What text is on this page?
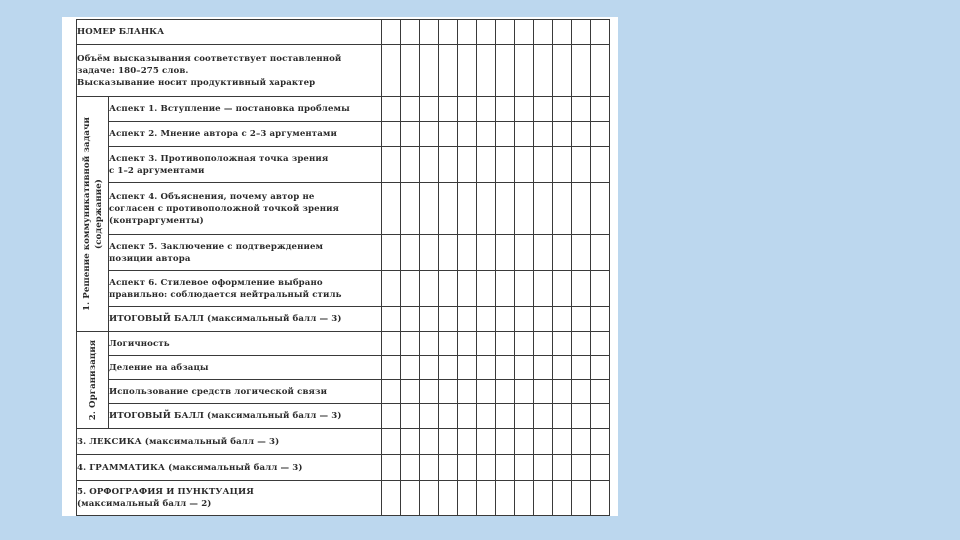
НОМЕР БЛАНКА													

Объём высказывания соответствует поставленной
задаче: 180–275 слов.
Высказывание носит продуктивный характер													

1. Решение коммуникативной задачи (содержание)	Аспект 1. Вступление — постановка проблемы												

	Аспект 2. Мнение автора с 2–3 аргументами												

	Аспект 3. Противоположная точка зрения
с 1–2 аргументами												

	Аспект 4. Объяснения, почему автор не
согласен с противоположной точкой зрения
(контраргументы)												

	Аспект 5. Заключение с подтверждением
позиции автора												

	Аспект 6. Стилевое оформление выбрано
правильно: соблюдается нейтральный стиль												

	ИТОГОВЫЙ БАЛЛ (максимальный балл — 3)												

2. Организация	Логичность												
	Деление на абзацы												
	Использование средств логической связи												
	ИТОГОВЫЙ БАЛЛ (максимальный балл — 3)												
3. ЛЕКСИКА (максимальный балл — 3)													
4. ГРАММАТИКА (максимальный балл — 3)													

5. ОРФОГРАФИЯ И ПУНКТУАЦИЯ
(максимальный балл — 2)													
